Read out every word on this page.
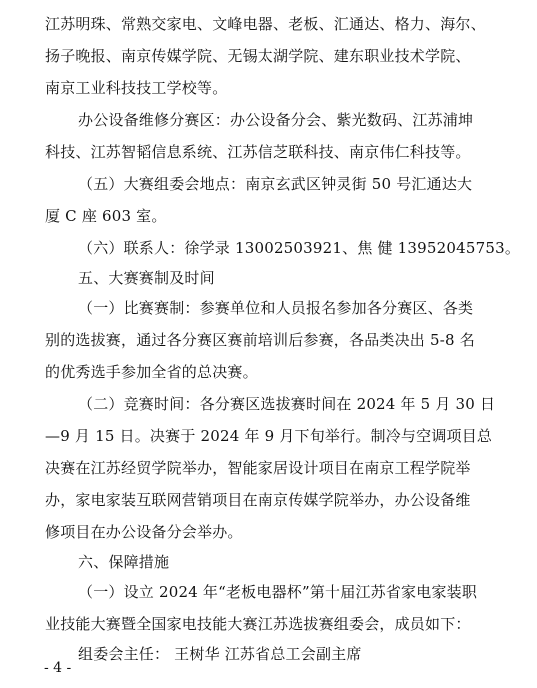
江苏明珠、常熟交家电、文峰电器、老板、汇通达、格力、海尔、
扬子晚报、南京传媒学院、无锡太湖学院、建东职业技术学院、
南京工业科技技工学校等。
办公设备维修分赛区：办公设备分会、紫光数码、江苏浦坤
科技、江苏智韬信息系统、江苏信芝联科技、南京伟仁科技等。
（五）大赛组委会地点：南京玄武区钟灵街 50 号汇通达大
厦 C 座 603 室。
（六）联系人：徐学录 13002503921、焦 健 13952045753。
五、大赛赛制及时间
（一）比赛赛制：参赛单位和人员报名参加各分赛区、各类
别的选拔赛，通过各分赛区赛前培训后参赛，各品类决出 5-8 名
的优秀选手参加全省的总决赛。
（二）竞赛时间：各分赛区选拔赛时间在 2024 年 5 月 30 日
—9 月 15 日。决赛于 2024 年 9 月下旬举行。制冷与空调项目总
决赛在江苏经贸学院举办，智能家居设计项目在南京工程学院举
办，家电家装互联网营销项目在南京传媒学院举办，办公设备维
修项目在办公设备分会举办。
六、保障措施
（一）设立 2024 年“老板电器杯”第十届江苏省家电家装职
业技能大赛暨全国家电技能大赛江苏选拔赛组委会，成员如下：
组委会主任： 王树华 江苏省总工会副主席
- 4 -
